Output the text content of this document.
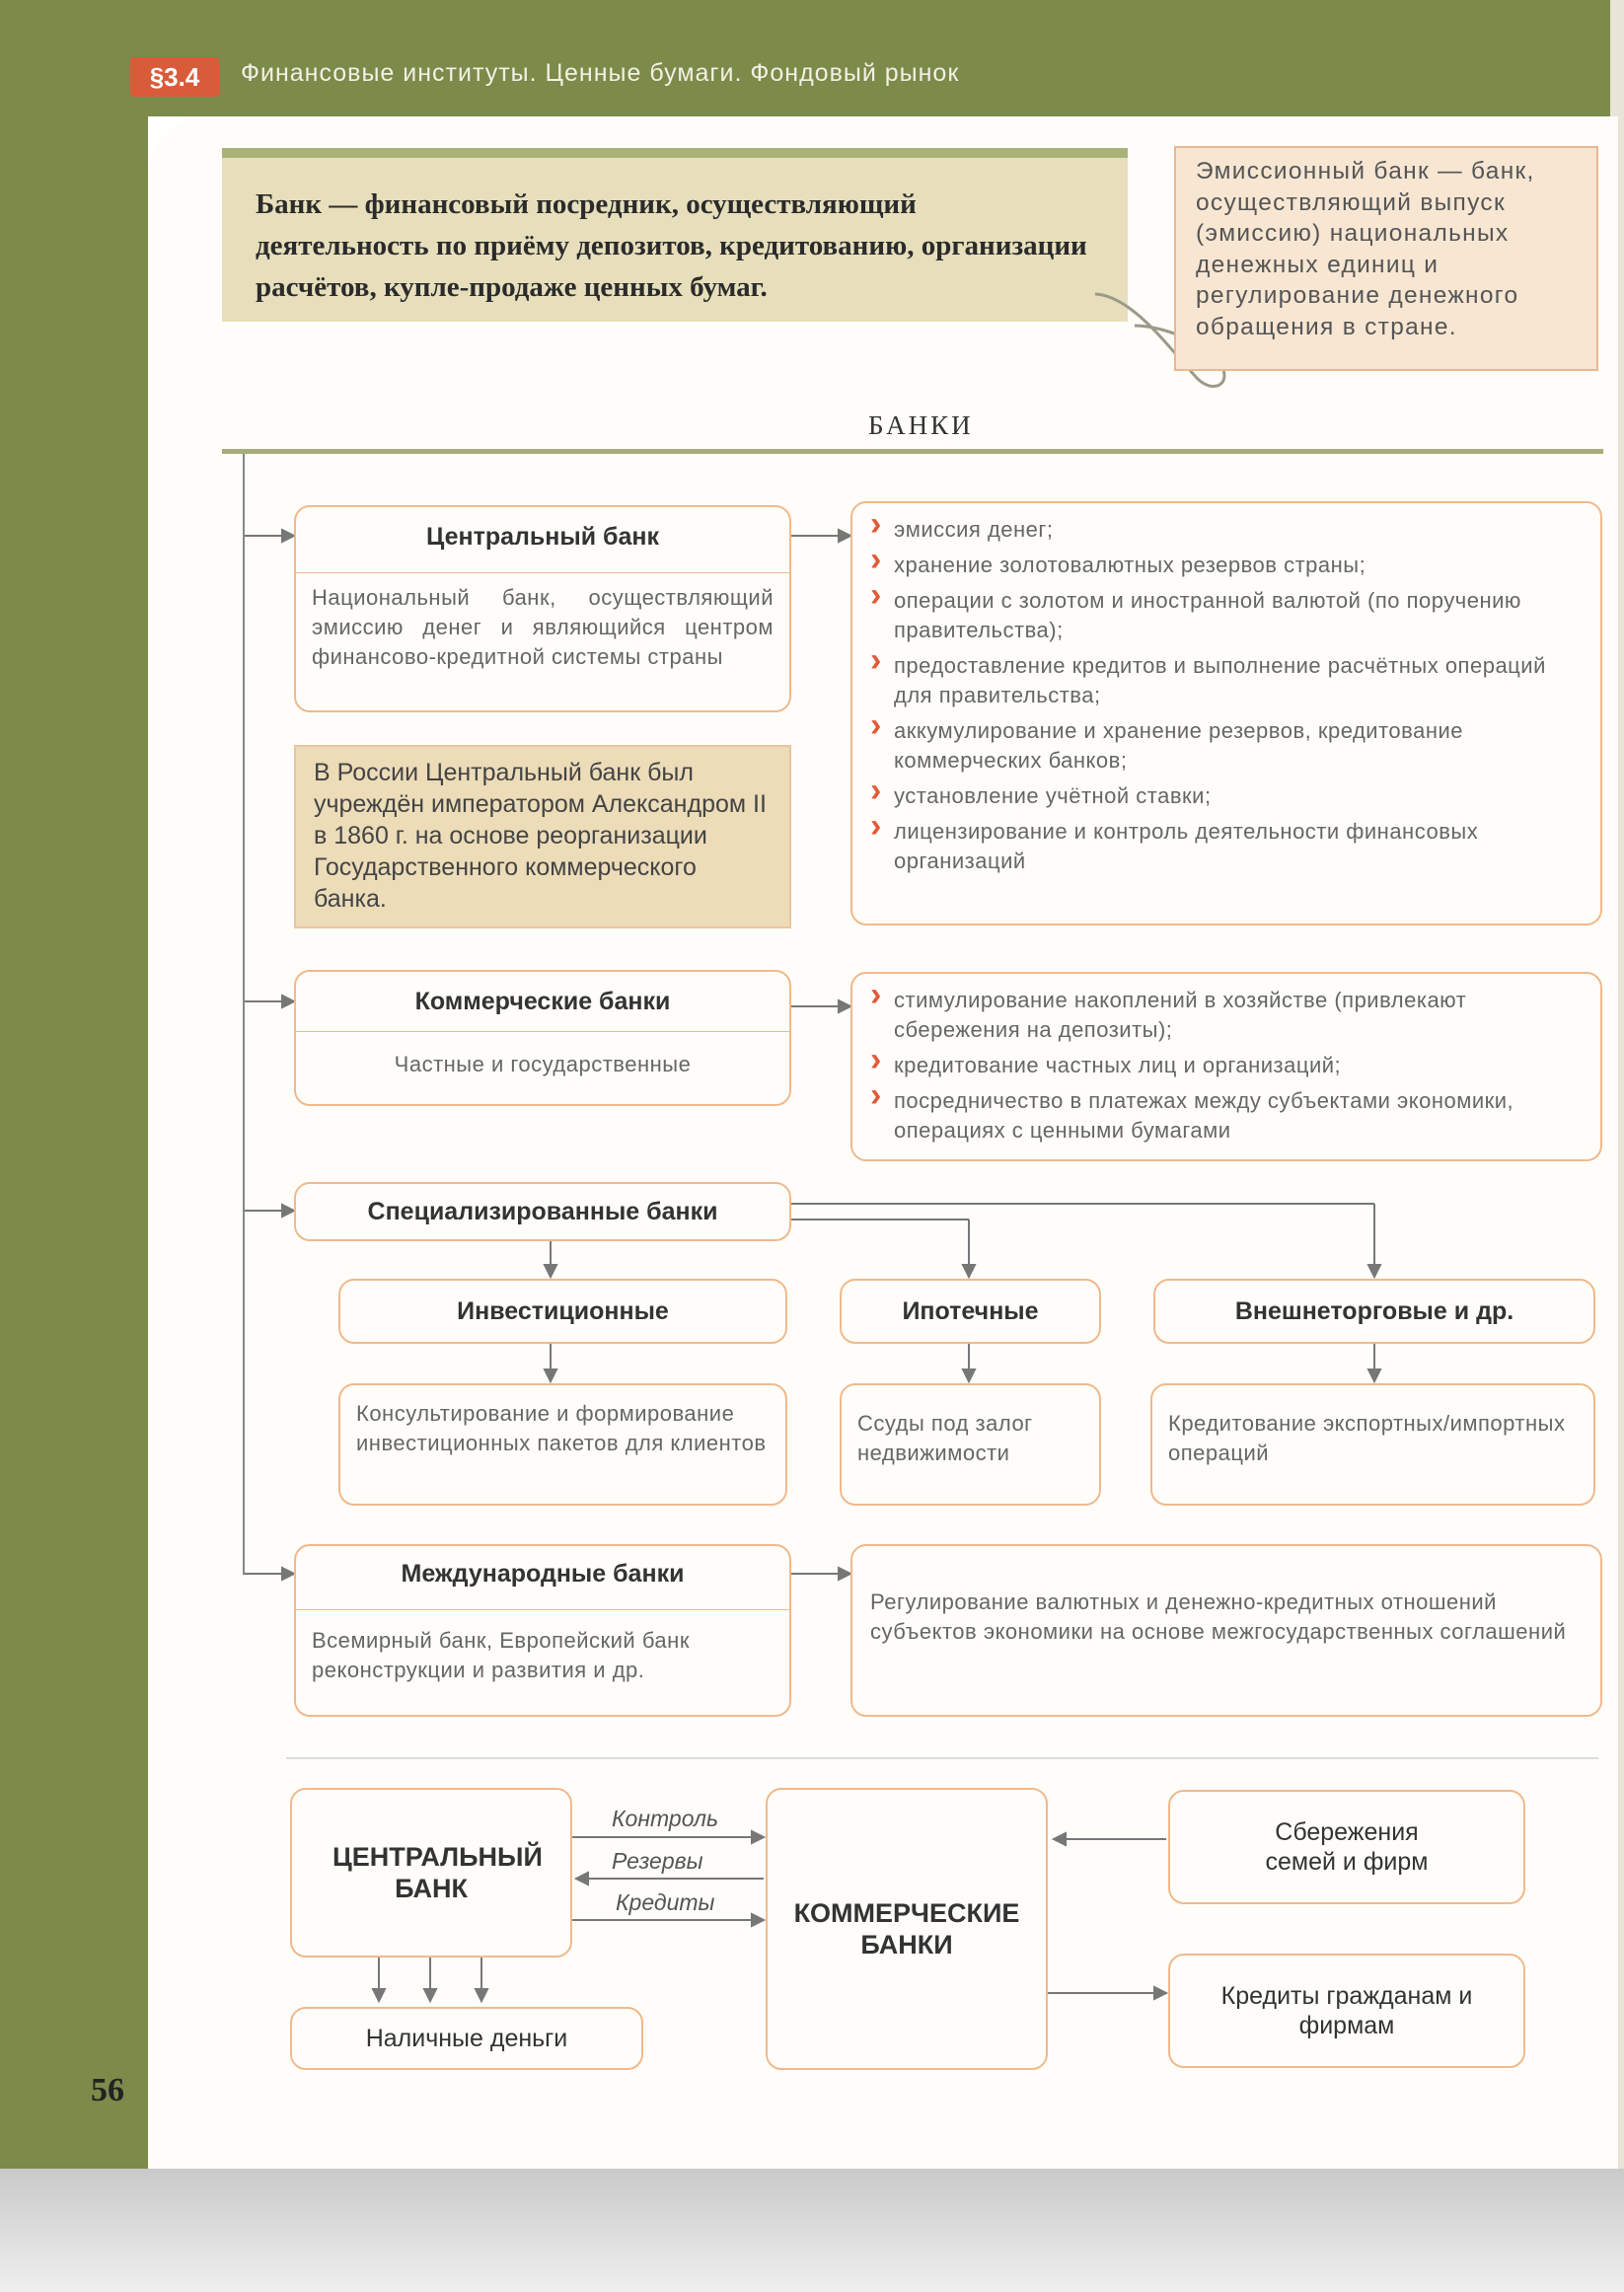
§3.4	Финансовые институты. Ценные бумаги. Фондовый рынок
Банк — финансовый посредник, осуществляющий деятельность по приёму депозитов, кредитованию, организации расчётов, купле-продаже ценных бумаг.
Эмиссионный банк — банк, осуществляющий выпуск (эмиссию) национальных денежных единиц и регулирование денежного обращения в стране.
БАНКИ
Центральный банк
Национальный банк, осуществляющий эмиссию денег и являющийся центром финансово-кредитной системы страны
В России Центральный банк был учреждён императором Александром II в 1860 г. на основе реорганизации Государственного коммерческого банка.
› эмиссия денег;
› хранение золотовалютных резервов страны;
› операции с золотом и иностранной валютой (по поручению правительства);
› предоставление кредитов и выполнение расчётных операций для правительства;
› аккумулирование и хранение резервов, кредитование коммерческих банков;
› установление учётной ставки;
› лицензирование и контроль деятельности финансовых организаций
Коммерческие банки
Частные и государственные
› стимулирование накоплений в хозяйстве (привлекают сбережения на депозиты);
› кредитование частных лиц и организаций;
› посредничество в платежах между субъектами экономики, операциях с ценными бумагами
Специализированные банки
Инвестиционные	Ипотечные	Внешнеторговые и др.
Консультирование и формирование инвестиционных пакетов для клиентов
Ссуды под залог недвижимости
Кредитование экспортных/импортных операций
Международные банки
Всемирный банк, Европейский банк реконструкции и развития и др.
Регулирование валютных и денежно-кредитных отношений субъектов экономики на основе межгосударственных соглашений
ЦЕНТРАЛЬНЫЙ БАНК
КОММЕРЧЕСКИЕ БАНКИ
Наличные деньги
Сбережения семей и фирм
Кредиты гражданам и фирмам
Контроль
Резервы
Кредиты
56
